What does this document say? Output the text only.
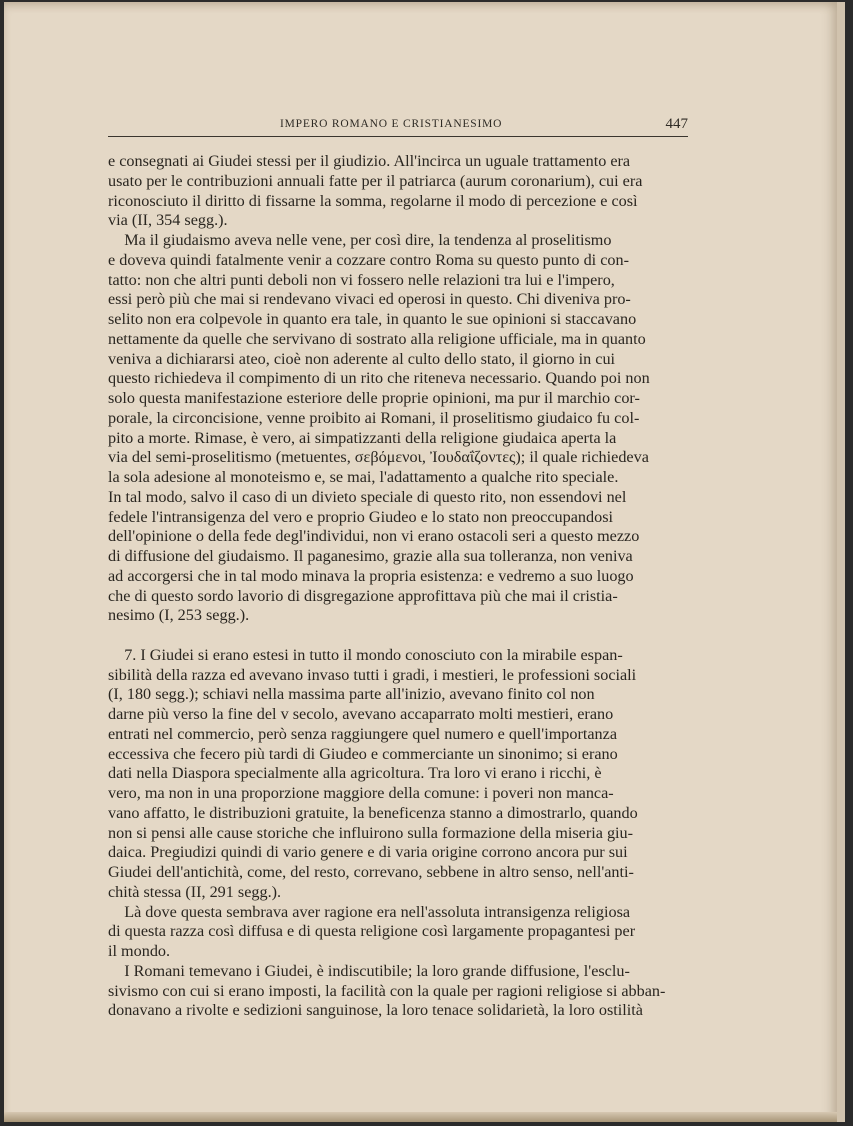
IMPERO ROMANO E CRISTIANESIMO	447
e consegnati ai Giudei stessi per il giudizio. All'incirca un uguale trattamento era
usato per le contribuzioni annuali fatte per il patriarca (aurum coronarium), cui era
riconosciuto il diritto di fissarne la somma, regolarne il modo di percezione e così
via (II, 354 segg.).
Ma il giudaismo aveva nelle vene, per così dire, la tendenza al proselitismo
e doveva quindi fatalmente venir a cozzare contro Roma su questo punto di con-
tatto: non che altri punti deboli non vi fossero nelle relazioni tra lui e l'impero,
essi però più che mai si rendevano vivaci ed operosi in questo. Chi diveniva pro-
selito non era colpevole in quanto era tale, in quanto le sue opinioni si staccavano
nettamente da quelle che servivano di sostrato alla religione ufficiale, ma in quanto
veniva a dichiararsi ateo, cioè non aderente al culto dello stato, il giorno in cui
questo richiedeva il compimento di un rito che riteneva necessario. Quando poi non
solo questa manifestazione esteriore delle proprie opinioni, ma pur il marchio cor-
porale, la circoncisione, venne proibito ai Romani, il proselitismo giudaico fu col-
pito a morte. Rimase, è vero, ai simpatizzanti della religione giudaica aperta la
via del semi-proselitismo (metuentes, σεβόμενοι, Ἰουδαΐζοντες); il quale richiedeva
la sola adesione al monoteismo e, se mai, l'adattamento a qualche rito speciale.
In tal modo, salvo il caso di un divieto speciale di questo rito, non essendovi nel
fedele l'intransigenza del vero e proprio Giudeo e lo stato non preoccupandosi
dell'opinione o della fede degl'individui, non vi erano ostacoli seri a questo mezzo
di diffusione del giudaismo. Il paganesimo, grazie alla sua tolleranza, non veniva
ad accorgersi che in tal modo minava la propria esistenza: e vedremo a suo luogo
che di questo sordo lavorio di disgregazione approfittava più che mai il cristia-
nesimo (I, 253 segg.).
7. I Giudei si erano estesi in tutto il mondo conosciuto con la mirabile espan-
sibilità della razza ed avevano invaso tutti i gradi, i mestieri, le professioni sociali
(I, 180 segg.); schiavi nella massima parte all'inizio, avevano finito col non
darne più verso la fine del v secolo, avevano accaparrato molti mestieri, erano
entrati nel commercio, però senza raggiungere quel numero e quell'importanza
eccessiva che fecero più tardi di Giudeo e commerciante un sinonimo; si erano
dati nella Diaspora specialmente alla agricoltura. Tra loro vi erano i ricchi, è
vero, ma non in una proporzione maggiore della comune: i poveri non manca-
vano affatto, le distribuzioni gratuite, la beneficenza stanno a dimostrarlo, quando
non si pensi alle cause storiche che influirono sulla formazione della miseria giu-
daica. Pregiudizi quindi di vario genere e di varia origine corrono ancora pur sui
Giudei dell'antichità, come, del resto, correvano, sebbene in altro senso, nell'anti-
chità stessa (II, 291 segg.).
Là dove questa sembrava aver ragione era nell'assoluta intransigenza religiosa
di questa razza così diffusa e di questa religione così largamente propagantesi per
il mondo.
I Romani temevano i Giudei, è indiscutibile; la loro grande diffusione, l'esclu-
sivismo con cui si erano imposti, la facilità con la quale per ragioni religiose si abban-
donavano a rivolte e sedizioni sanguinose, la loro tenace solidarietà, la loro ostilità
